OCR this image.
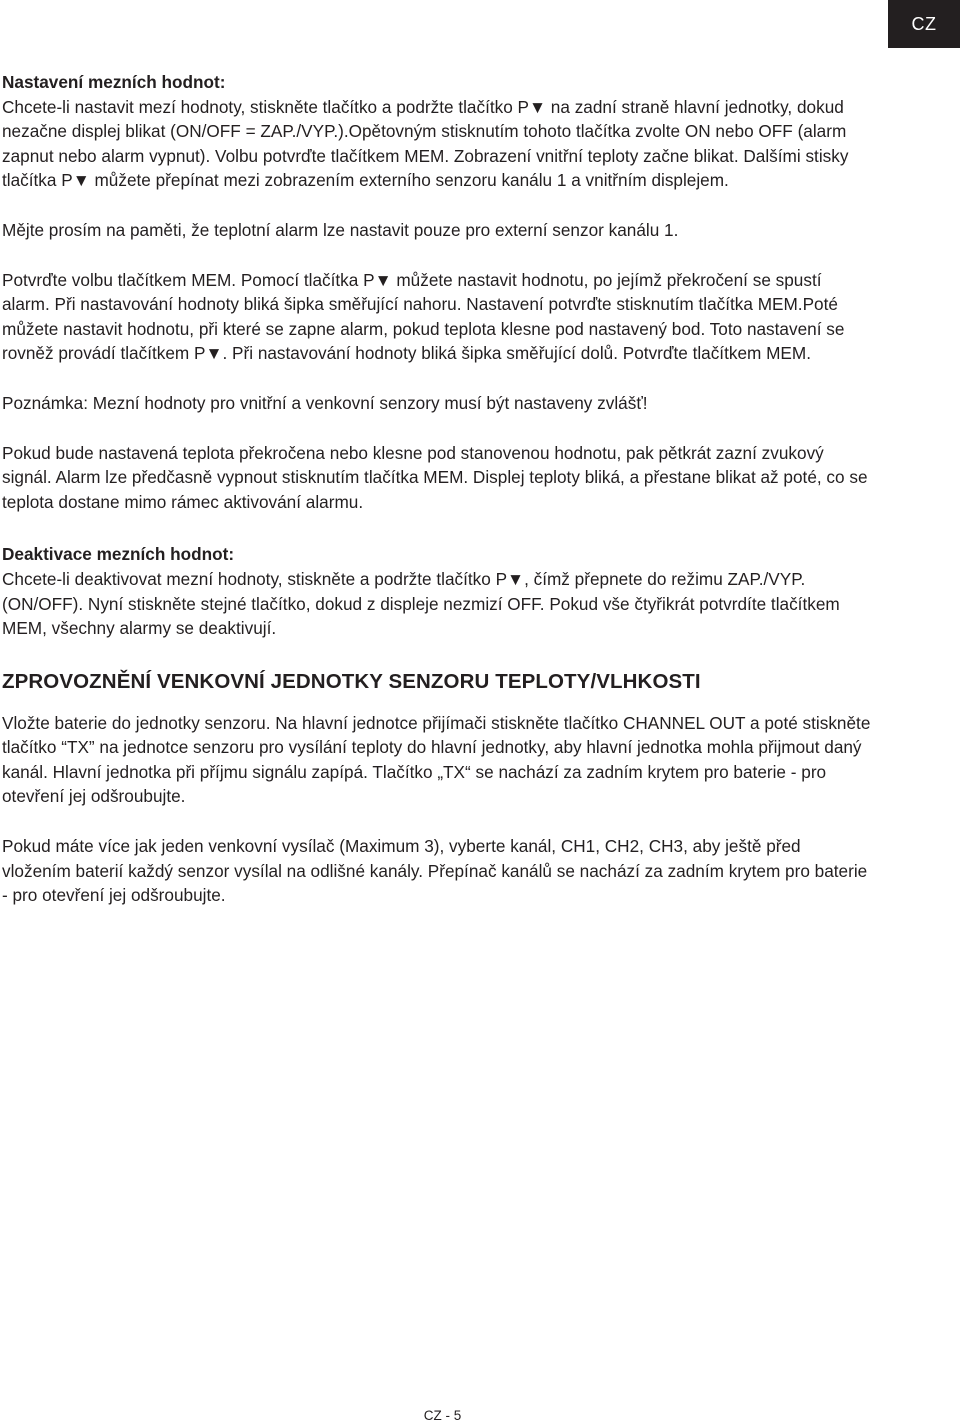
CZ
Nastavení mezních hodnot:

Chcete-li nastavit mezí hodnoty, stiskněte tlačítko a podržte tlačítko P▼ na zadní straně hlavní jednotky, dokud nezačne displej blikat (ON/OFF = ZAP./VYP.).Opětovným stisknutím tohoto tlačítka zvolte ON nebo OFF (alarm zapnut nebo alarm vypnut). Volbu potvrďte tlačítkem MEM. Zobrazení vnitřní teploty začne blikat. Dalšími stisky tlačítka P▼ můžete přepínat mezi zobrazením externího senzoru kanálu 1 a vnitřním displejem.

Mějte prosím na paměti, že teplotní alarm lze nastavit pouze pro externí senzor kanálu 1.

Potvrďte volbu tlačítkem MEM. Pomocí tlačítka P▼ můžete nastavit hodnotu, po jejímž překročení se spustí alarm. Při nastavování hodnoty bliká šipka směřující nahoru. Nastavení potvrďte stisknutím tlačítka MEM.Poté můžete nastavit hodnotu, při které se zapne alarm, pokud teplota klesne pod nastavený bod. Toto nastavení se rovněž provádí tlačítkem P▼. Při nastavování hodnoty bliká šipka směřující dolů. Potvrďte tlačítkem MEM.

Poznámka: Mezní hodnoty pro vnitřní a venkovní senzory musí být nastaveny zvlášť!

Pokud bude nastavená teplota překročena nebo klesne pod stanovenou hodnotu, pak pětkrát zazní zvukový signál. Alarm lze předčasně vypnout stisknutím tlačítka MEM. Displej teploty bliká, a přestane blikat až poté, co se teplota dostane mimo rámec aktivování alarmu.

Deaktivace mezních hodnot:

Chcete-li deaktivovat mezní hodnoty, stiskněte a podržte tlačítko P▼, čímž přepnete do režimu ZAP./VYP. (ON/OFF). Nyní stiskněte stejné tlačítko, dokud z displeje nezmizí OFF. Pokud vše čtyřikrát potvrdíte tlačítkem MEM, všechny alarmy se deaktivují.

ZPROVOZNĚNÍ VENKOVNÍ JEDNOTKY SENZORU TEPLOTY/VLHKOSTI

Vložte baterie do jednotky senzoru. Na hlavní jednotce přijímači stiskněte tlačítko CHANNEL OUT a poté stiskněte tlačítko “TX” na jednotce senzoru pro vysílání teploty do hlavní jednotky, aby hlavní jednotka mohla přijmout daný kanál. Hlavní jednotka při příjmu signálu zapípá. Tlačítko „TX“ se nachází za zadním krytem pro baterie - pro otevření jej odšroubujte.

Pokud máte více jak jeden venkovní vysílač (Maximum 3), vyberte kanál, CH1, CH2, CH3, aby ještě před vložením baterií každý senzor vysílal na odlišné kanály. Přepínač kanálů se nachází za zadním krytem pro baterie - pro otevření jej odšroubujte.

CZ - 5
